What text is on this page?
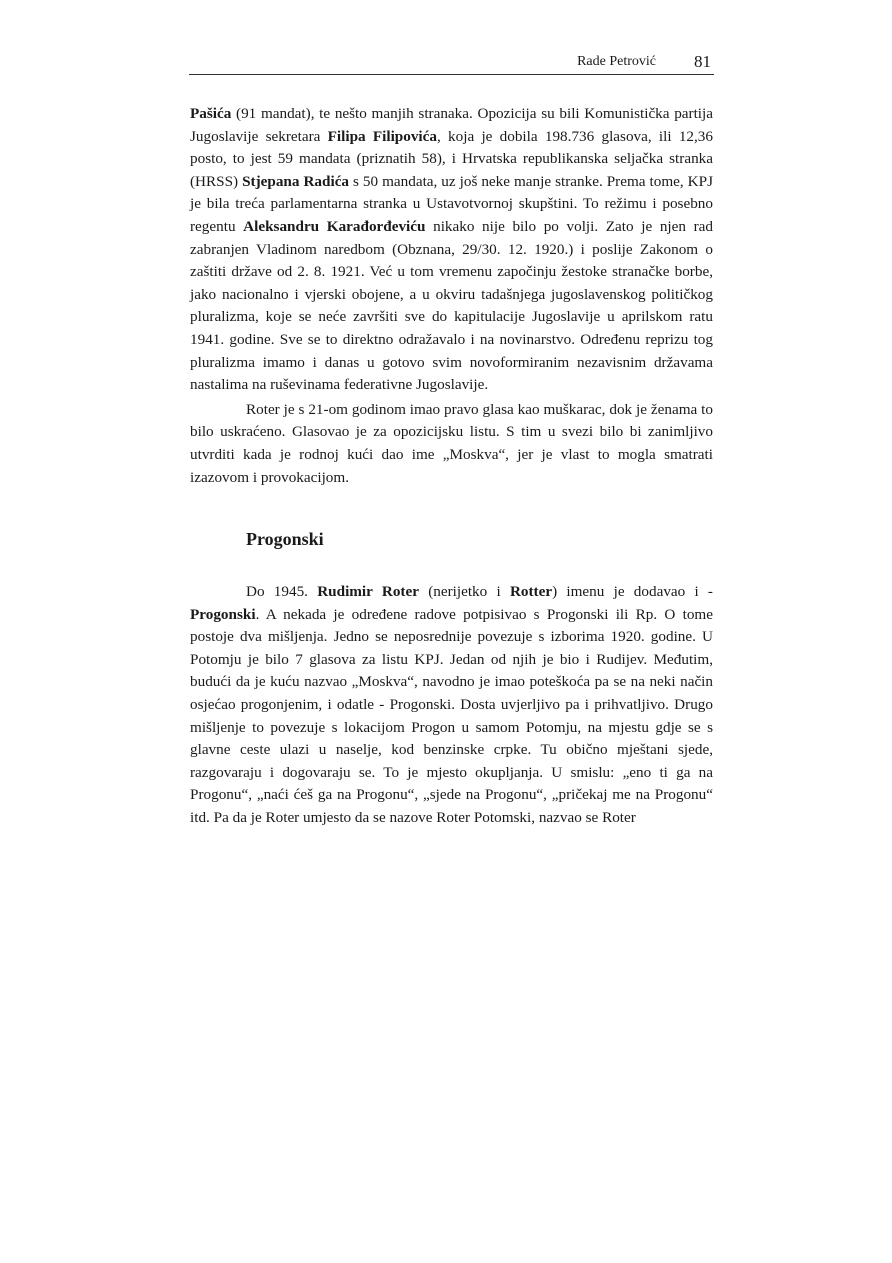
Rade Petrović 81

Pašića (91 mandat), te nešto manjih stranaka. Opozicija su bili Komunistička partija Jugoslavije sekretara Filipa Filipovića, koja je dobila 198.736 glasova, ili 12,36 posto, to jest 59 mandata (priznatih 58), i Hrvatska republikanska seljačka stranka (HRSS) Stjepana Radića s 50 mandata, uz još neke manje stranke. Prema tome, KPJ je bila treća parlamentarna stranka u Ustavotvornoj skupštini. To režimu i posebno regentu Aleksandru Karađorđeviću nikako nije bilo po volji. Zato je njen rad zabranjen Vladinom naredbom (Obznana, 29/30. 12. 1920.) i poslije Zakonom o zaštiti države od 2. 8. 1921. Već u tom vremenu započinju žestoke stranačke borbe, jako nacionalno i vjerski obojene, a u okviru tadašnjega jugoslavenskog političkog pluralizma, koje se neće završiti sve do kapitulacije Jugoslavije u aprilskom ratu 1941. godine. Sve se to direktno odražavalo i na novinarstvo. Određenu reprizu tog pluralizma imamo i danas u gotovo svim novoformiranim nezavisnim državama nastalima na ruševinama federativne Jugoslavije.

Roter je s 21-om godinom imao pravo glasa kao muškarac, dok je ženama to bilo uskraćeno. Glasovao je za opozicijsku listu. S tim u svezi bilo bi zanimljivo utvrditi kada je rodnoj kući dao ime „Moskva“, jer je vlast to mogla smatrati izazovom i provokacijom.

Progonski

Do 1945. Rudimir Roter (nerijetko i Rotter) imenu je dodavao i - Progonski. A nekada je određene radove potpisivao s Progonski ili Rp. O tome postoje dva mišljenja. Jedno se neposrednije povezuje s izborima 1920. godine. U Potomju je bilo 7 glasova za listu KPJ. Jedan od njih je bio i Rudijev. Međutim, budući da je kuću nazvao „Moskva“, navodno je imao poteškoća pa se na neki način osjećao progonjenim, i odatle - Progonski. Dosta uvjerljivo pa i prihvatljivo. Drugo mišljenje to povezuje s lokacijom Progon u samom Potomju, na mjestu gdje se s glavne ceste ulazi u naselje, kod benzinske crpke. Tu obično mještani sjede, razgovaraju i dogovaraju se. To je mjesto okupljanja. U smislu: „eno ti ga na Progonu“, „naći ćeš ga na Progonu“, „sjede na Progonu“, „pričekaj me na Progonu“ itd. Pa da je Roter umjesto da se nazove Roter Potomski, nazvao se Roter
